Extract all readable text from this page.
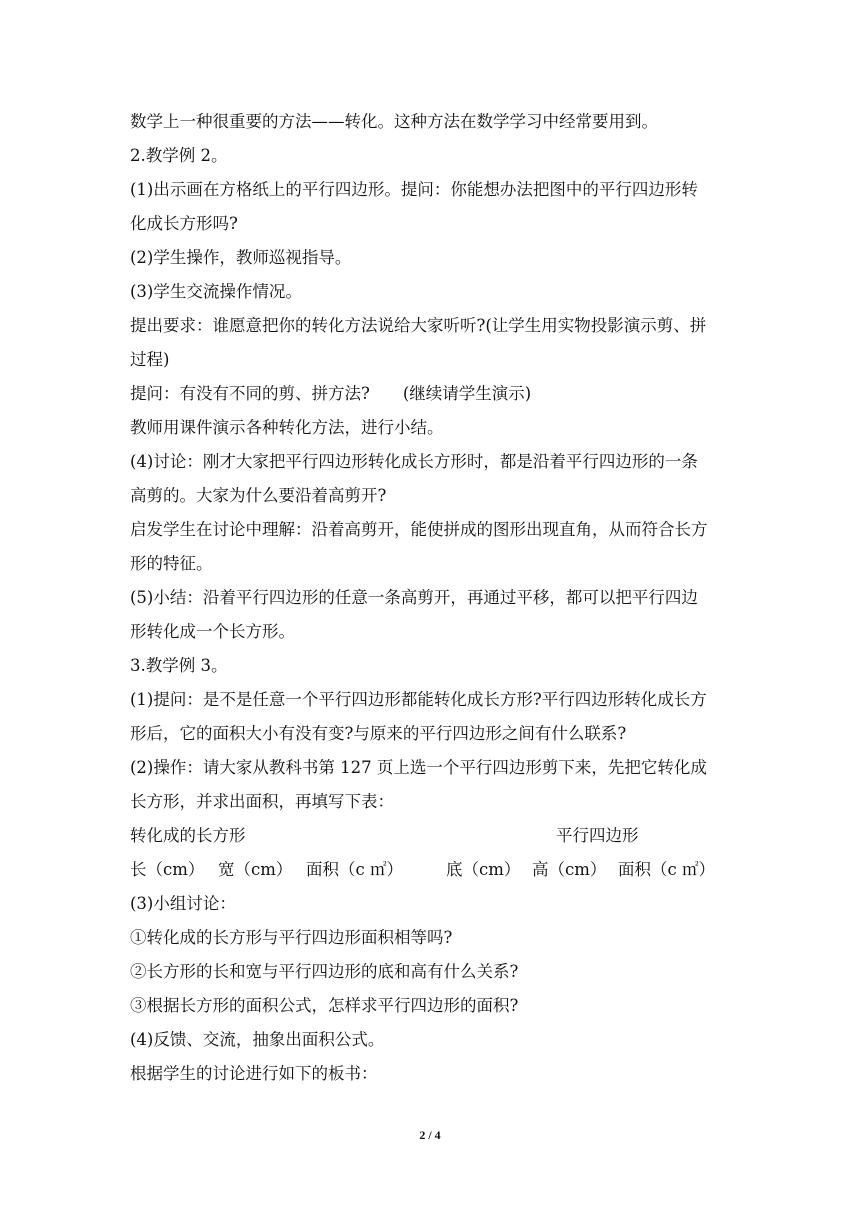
数学上一种很重要的方法——转化。这种方法在数学学习中经常要用到。
2.教学例 2。
(1)出示画在方格纸上的平行四边形。提问：你能想办法把图中的平行四边形转
化成长方形吗?
(2)学生操作，教师巡视指导。
(3)学生交流操作情况。
提出要求：谁愿意把你的转化方法说给大家听听?(让学生用实物投影演示剪、拼
过程)
提问：有没有不同的剪、拼方法?　　(继续请学生演示)
教师用课件演示各种转化方法，进行小结。
(4)讨论：刚才大家把平行四边形转化成长方形时，都是沿着平行四边形的一条
高剪的。大家为什么要沿着高剪开?
启发学生在讨论中理解：沿着高剪开，能使拼成的图形出现直角，从而符合长方
形的特征。
(5)小结：沿着平行四边形的任意一条高剪开，再通过平移，都可以把平行四边
形转化成一个长方形。
3.教学例 3。
(1)提问：是不是任意一个平行四边形都能转化成长方形?平行四边形转化成长方
形后，它的面积大小有没有变?与原来的平行四边形之间有什么联系?
(2)操作：请大家从教科书第 127 页上选一个平行四边形剪下来，先把它转化成
长方形，并求出面积，再填写下表：
转化成的长方形	平行四边形
长（cm） 宽（cm） 面积（c ㎡）	底（cm） 高（cm） 面积（c ㎡）
(3)小组讨论：
①转化成的长方形与平行四边形面积相等吗?
②长方形的长和宽与平行四边形的底和高有什么关系?
③根据长方形的面积公式，怎样求平行四边形的面积?
(4)反馈、交流，抽象出面积公式。
根据学生的讨论进行如下的板书：
2 / 4
